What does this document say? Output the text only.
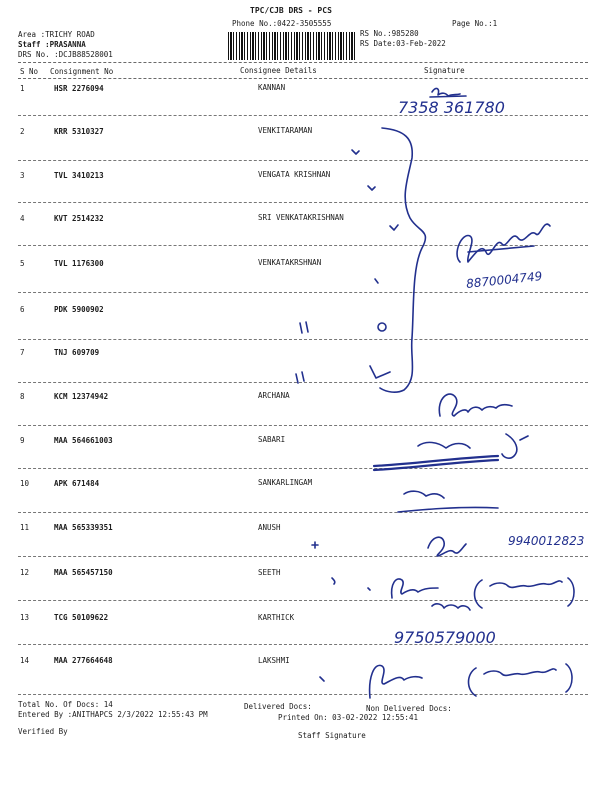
TPC/CJB DRS - PCS
Phone No.:0422-3505555	Page No.:1
Area :TRICHY ROAD
Staff :PRASANNA
DRS No. :DCJB88528001
RS No.:985280
RS Date:03-Feb-2022
S No Consignment No	Consignee Details	Signature
1	HSR 2276094	KANNAN
2	KRR 5310327	VENKITARAMAN
3	TVL 3410213	VENGATA KRISHNAN
4	KVT 2514232	SRI VENKATAKRISHNAN
5	TVL 1176300	VENKATAKRSHNAN
6	PDK 5900902
7	TNJ 609709
8	KCM 12374942	ARCHANA
9	MAA 564661003	SABARI
10	APK 671484	SANKARLINGAM
11	MAA 565339351	ANUSH
12	MAA 565457150	SEETH
13	TCG 50109622	KARTHICK
14	MAA 277664648	LAKSHMI
Total No. Of Docs: 14	Delivered Docs:	Non Delivered Docs:
Entered By :ANITHAPCS 2/3/2022 12:55:43 PM	Printed On: 03-02-2022 12:55:41
Verified By	Staff Signature
7358 361780
8870004749
9940012823
9750579000
